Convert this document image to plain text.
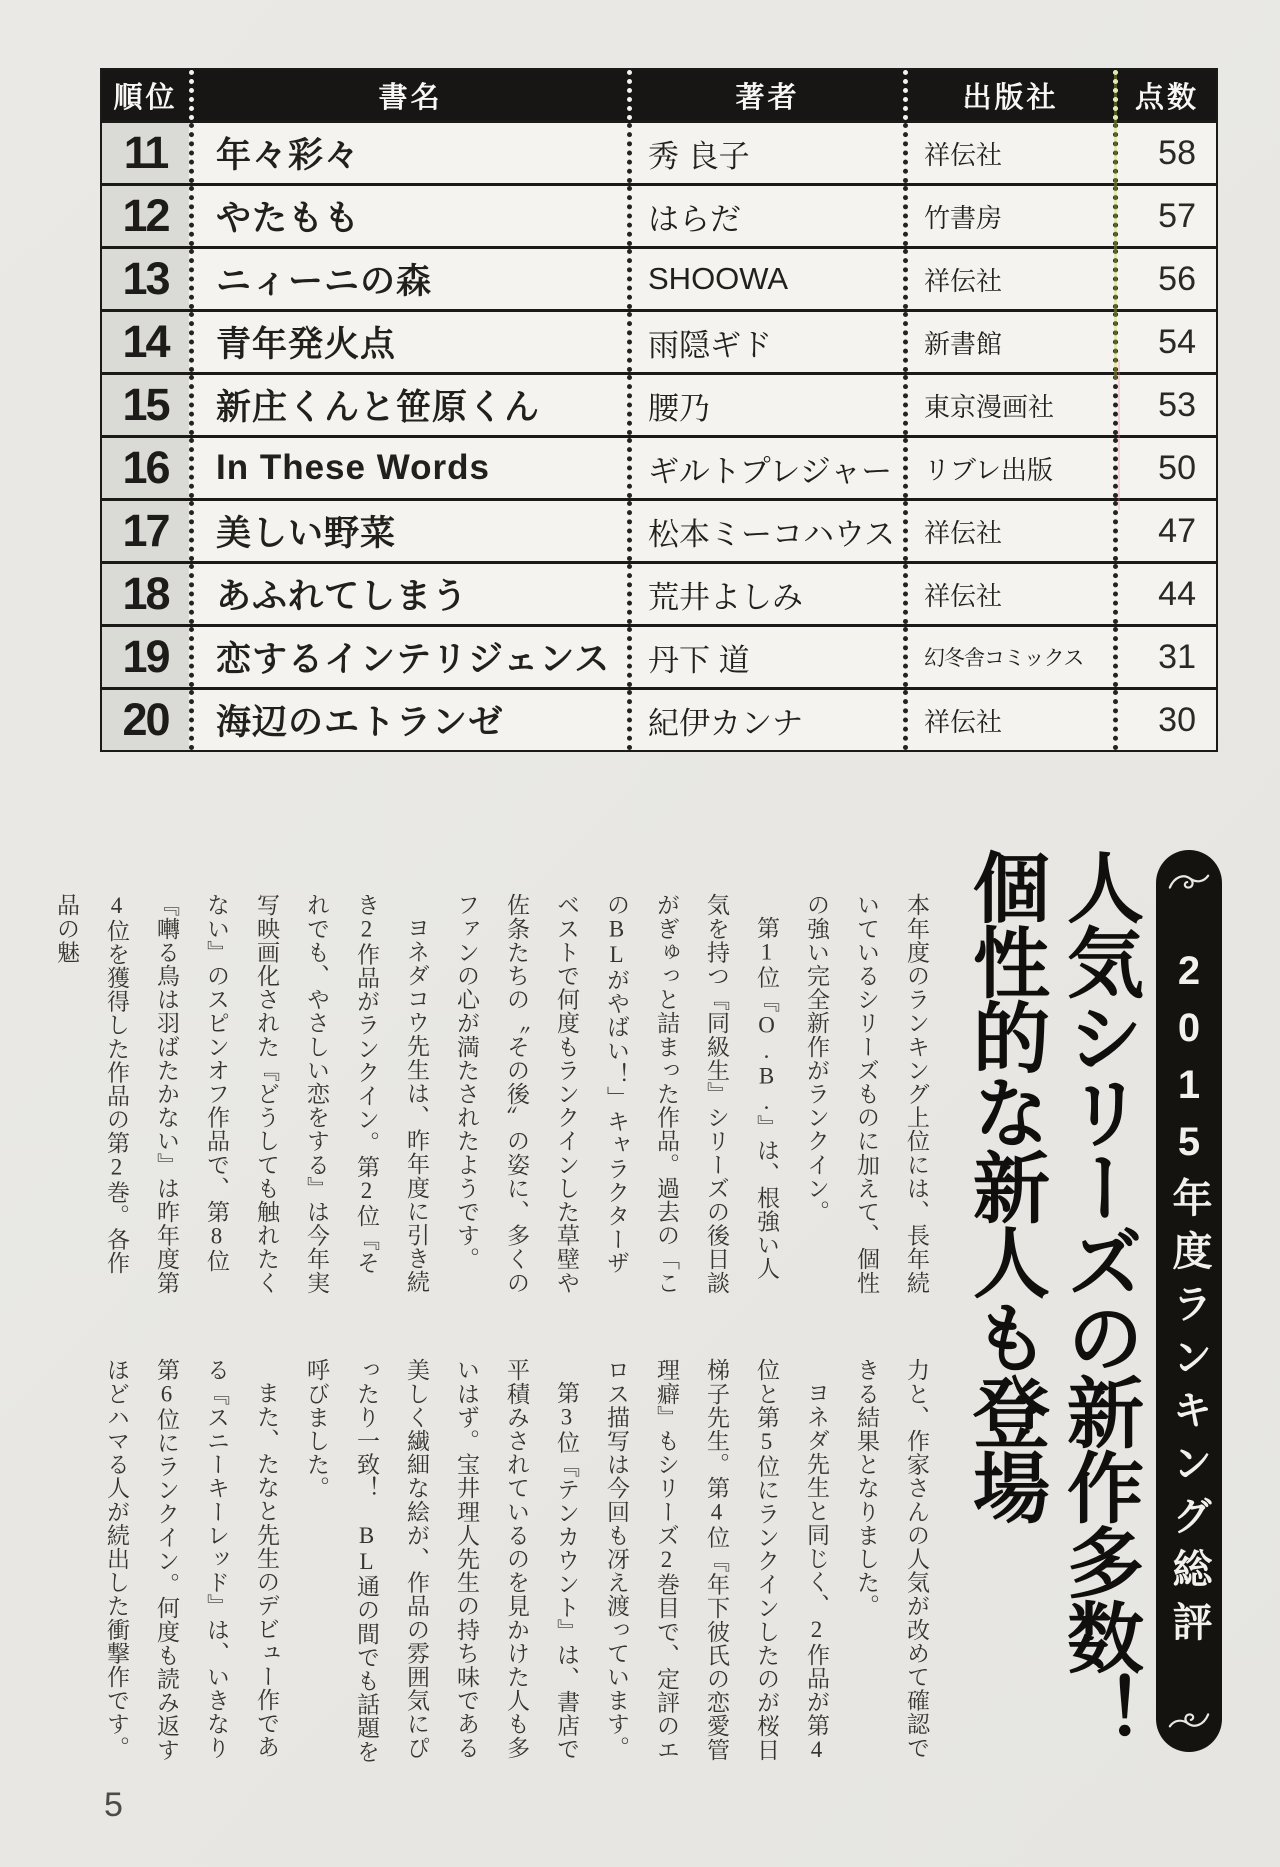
順位	書名	著者	出版社	点数
11	年々彩々	秀 良子	祥伝社	58
12	やたもも	はらだ	竹書房	57
13	ニィーニの森	SHOOWA	祥伝社	56
14	青年発火点	雨隠ギド	新書館	54
15	新庄くんと笹原くん	腰乃	東京漫画社	53
16	In These Words	ギルトプレジャー	リブレ出版	50
17	美しい野菜	松本ミーコハウス	祥伝社	47
18	あふれてしまう	荒井よしみ	祥伝社	44
19	恋するインテリジェンス	丹下 道	幻冬舎コミックス	31
20	海辺のエトランゼ	紀伊カンナ	祥伝社	30
2015年度ランキング総評
人気シリーズの新作多数！
個性的な新人も登場

本年度のランキング上位には、長年続いているシリーズものに加えて、個性の強い完全新作がランクイン。

第1位『O.B.』は、根強い人気を持つ『同級生』シリーズの後日談がぎゅっと詰まった作品。過去の「このBLがやばい！」キャラクターザベストで何度もランクインした草壁や佐条たちの〝その後〟の姿に、多くのファンの心が満たされたようです。

ヨネダコウ先生は、昨年度に引き続き2作品がランクイン。第2位『それでも、やさしい恋をする』は今年実写映画化された『どうしても触れたくない』のスピンオフ作品で、第8位『囀る鳥は羽ばたかない』は昨年度第4位を獲得した作品の第2巻。各作品の魅

力と、作家さんの人気が改めて確認できる結果となりました。

ヨネダ先生と同じく、2作品が第4位と第5位にランクインしたのが桜日梯子先生。第4位『年下彼氏の恋愛管理癖』もシリーズ2巻目で、定評のエロス描写は今回も冴え渡っています。

第3位『テンカウント』は、書店で平積みされているのを見かけた人も多いはず。宝井理人先生の持ち味である美しく繊細な絵が、作品の雰囲気にぴったり一致！　BL通の間でも話題を呼びました。

また、たなと先生のデビュー作である『スニーキーレッド』は、いきなり第6位にランクイン。何度も読み返すほどハマる人が続出した衝撃作です。

5
